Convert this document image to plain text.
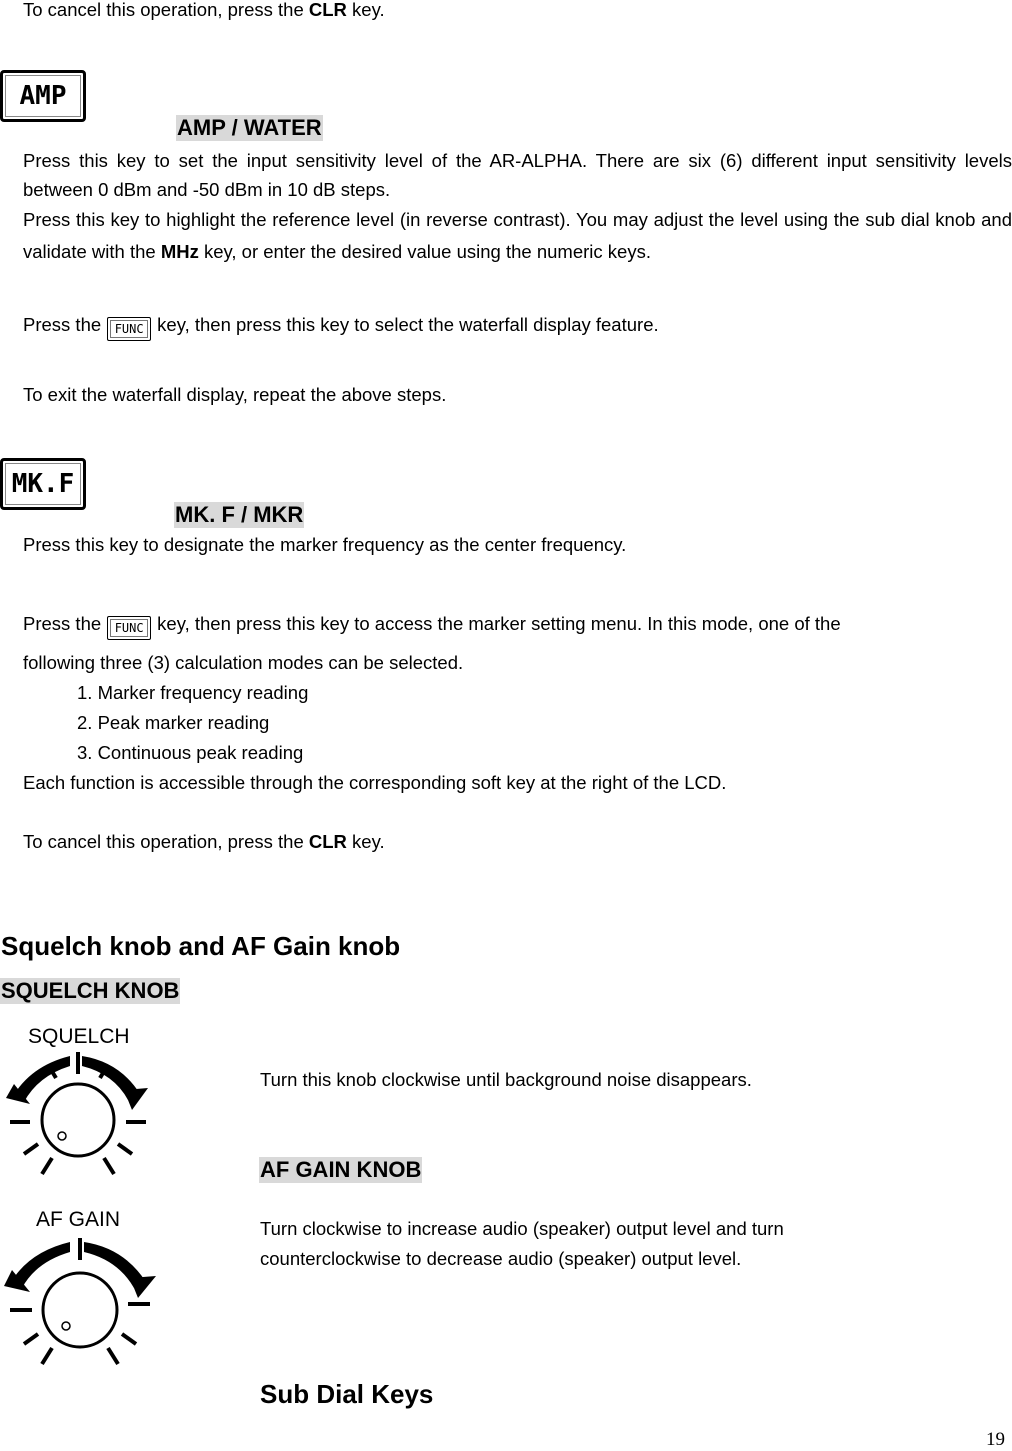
To cancel this operation, press the CLR key.
AMP
AMP / WATER
Press this key to set the input sensitivity level of the AR-ALPHA. There are six (6) different input sensitivity levels between 0 dBm and -50 dBm in 10 dB steps.
Press this key to highlight the reference level (in reverse contrast). You may adjust the level using the sub dial knob and validate with the MHz key, or enter the desired value using the numeric keys.
Press the FUNC key, then press this key to select the waterfall display feature.
To exit the waterfall display, repeat the above steps.
MK.F
MK. F / MKR
Press this key to designate the marker frequency as the center frequency.
Press the FUNC key, then press this key to access the marker setting menu. In this mode, one of the
following three (3) calculation modes can be selected.
1. Marker frequency reading
2. Peak marker reading
3. Continuous peak reading
Each function is accessible through the corresponding soft key at the right of the LCD.
To cancel this operation, press the CLR key.
Squelch knob and AF Gain knob
SQUELCH KNOB
SQUELCH
Turn this knob clockwise until background noise disappears.
AF GAIN KNOB
AF GAIN	Turn clockwise to increase audio (speaker) output level and turn
counterclockwise to decrease audio (speaker) output level.
Sub Dial Keys
19
